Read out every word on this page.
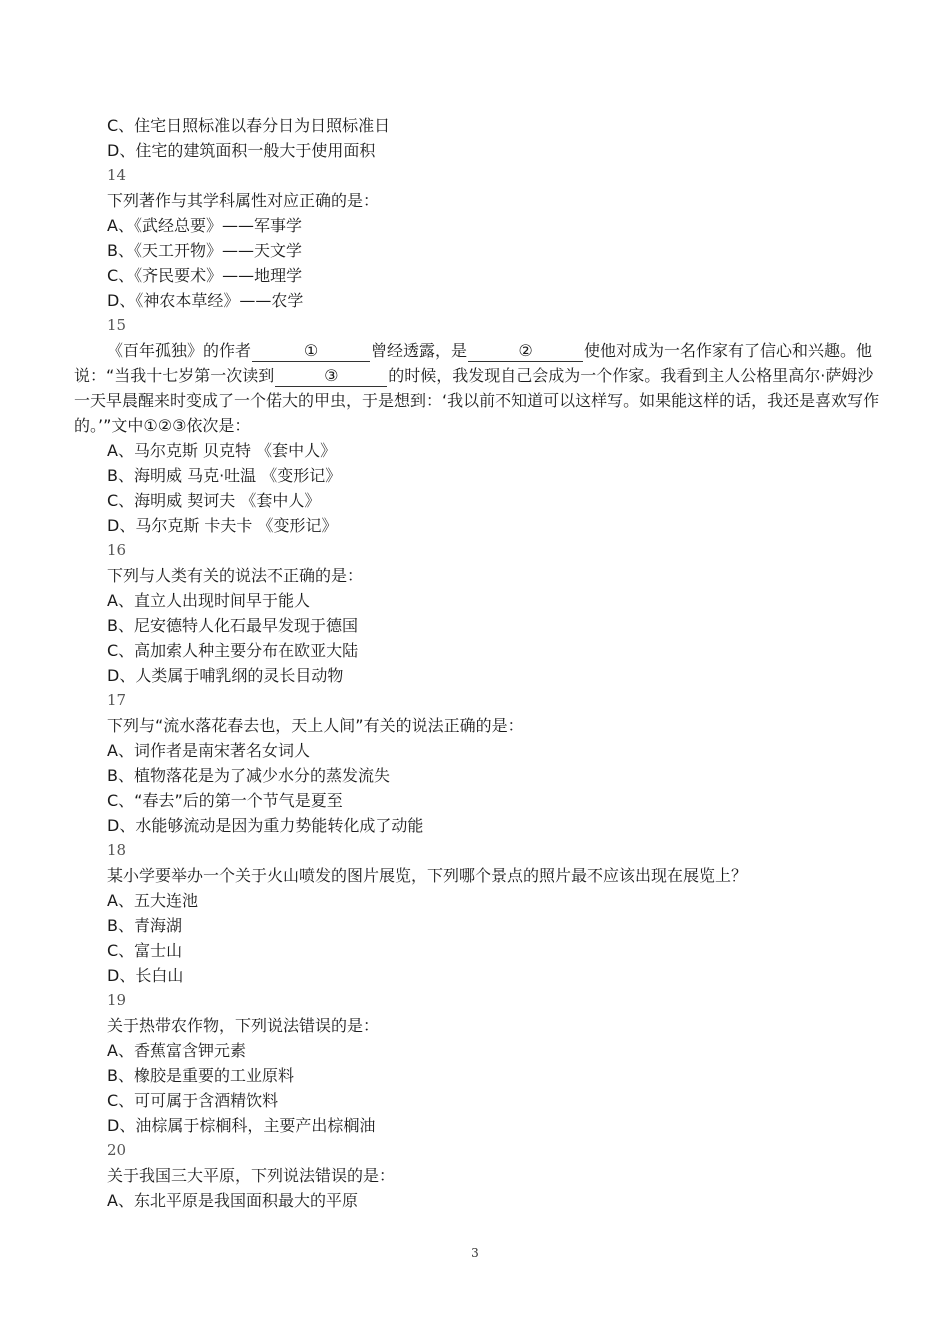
C、住宅日照标准以春分日为日照标准日
D、住宅的建筑面积一般大于使用面积
14
下列著作与其学科属性对应正确的是：
A、《武经总要》——军事学
B、《天工开物》——天文学
C、《齐民要术》——地理学
D、《神农本草经》——农学
15
《百年孤独》的作者	①	曾经透露，是	②	使他对成为一名作家有了信心和兴趣。他说：“当我十七岁第一次读到	③	的时候，我发现自己会成为一个作家。我看到主人公格里高尔·萨姆沙一天早晨醒来时变成了一个偌大的甲虫，于是想到：‘我以前不知道可以这样写。如果能这样的话，我还是喜欢写作的。’”文中①②③依次是：
A、马尔克斯 贝克特 《套中人》
B、海明威 马克·吐温 《变形记》
C、海明威 契诃夫 《套中人》
D、马尔克斯 卡夫卡 《变形记》
16
下列与人类有关的说法不正确的是：
A、直立人出现时间早于能人
B、尼安德特人化石最早发现于德国
C、高加索人种主要分布在欧亚大陆
D、人类属于哺乳纲的灵长目动物
17
下列与“流水落花春去也，天上人间”有关的说法正确的是：
A、词作者是南宋著名女词人
B、植物落花是为了减少水分的蒸发流失
C、“春去”后的第一个节气是夏至
D、水能够流动是因为重力势能转化成了动能
18
某小学要举办一个关于火山喷发的图片展览，下列哪个景点的照片最不应该出现在展览上？
A、五大连池
B、青海湖
C、富士山
D、长白山
19
关于热带农作物，下列说法错误的是：
A、香蕉富含钾元素
B、橡胶是重要的工业原料
C、可可属于含酒精饮料
D、油棕属于棕榈科，主要产出棕榈油
20
关于我国三大平原，下列说法错误的是：
A、东北平原是我国面积最大的平原
3
